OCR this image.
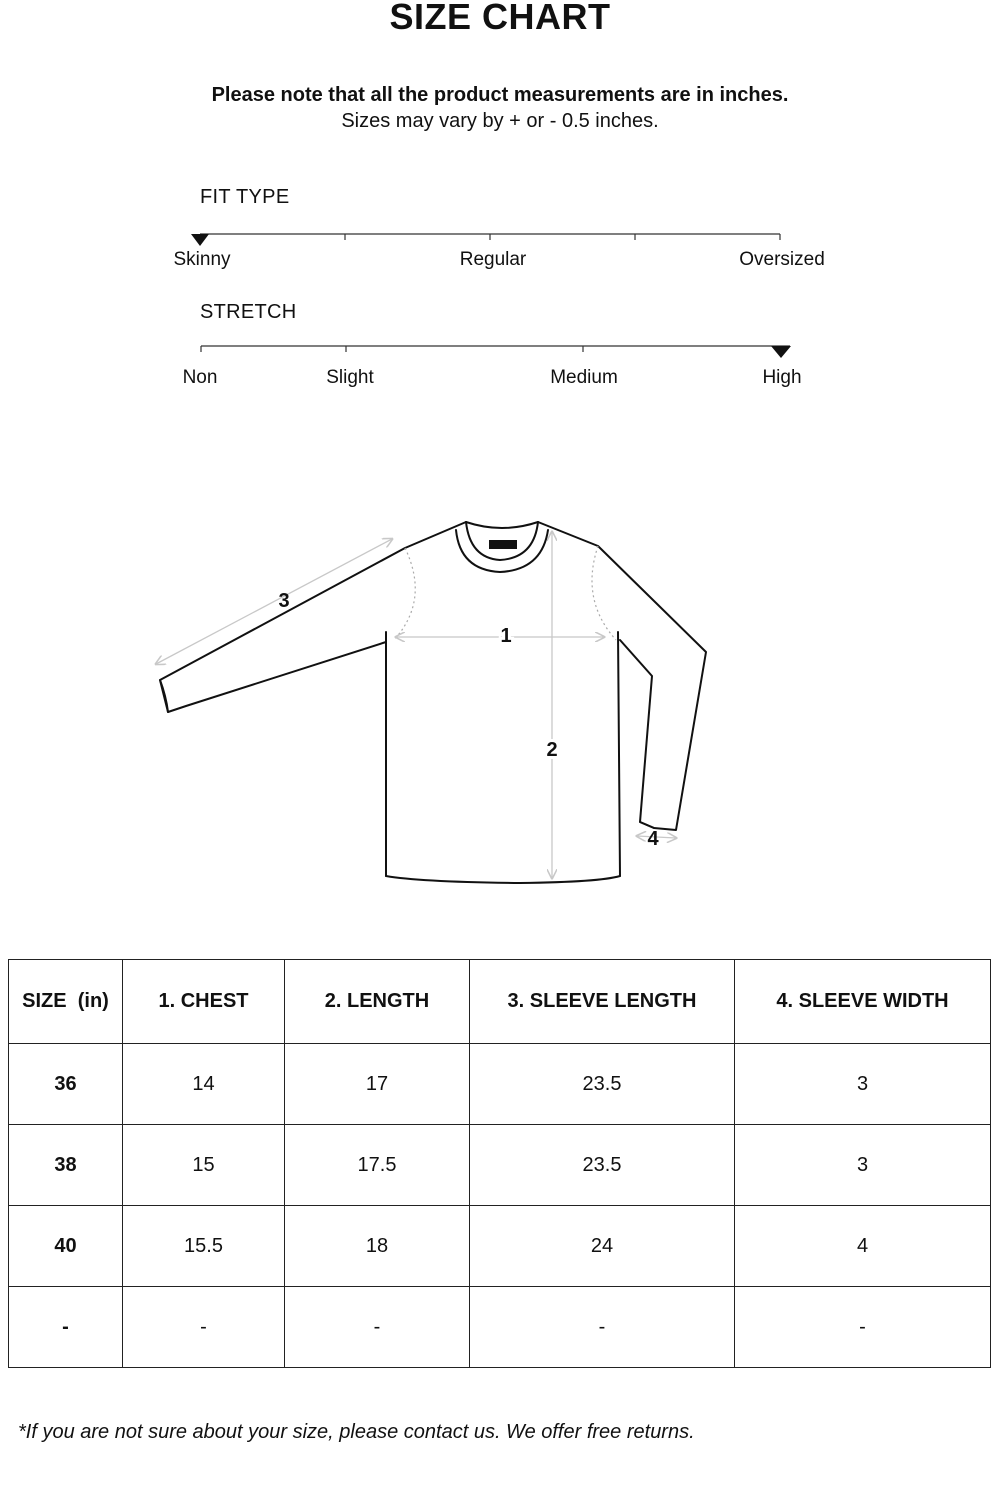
SIZE CHART
Please note that all the product measurements are in inches.
Sizes may vary by + or - 0.5 inches.
FIT TYPE
Skinny	Regular	Oversized
STRETCH
Non	Slight	Medium	High
1
2
3
4
SIZE  (in)	1. CHEST	2. LENGTH	3. SLEEVE LENGTH	4. SLEEVE WIDTH
36	14	17	23.5	3
38	15	17.5	23.5	3
40	15.5	18	24	4
-	-	-	-	-
*If you are not sure about your size, please contact us. We offer free returns.
